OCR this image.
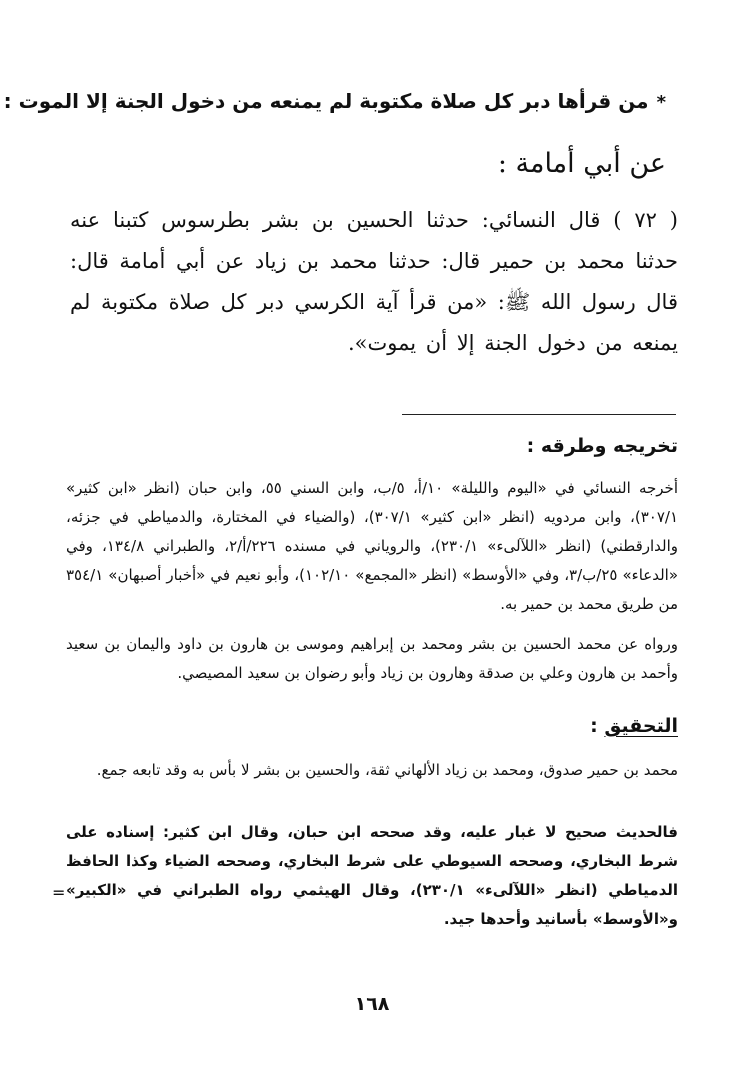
*من قرأها دبر كل صلاة مكتوبة لم يمنعه من دخول الجنة إلا الموت :
عن أبي أمامة :
( ٧٢ ) قال النسائي: حدثنا الحسين بن بشر بطرسوس كتبنا عنه حدثنا محمد بن حمير قال: حدثنا محمد بن زياد عن أبي أمامة قال: قال رسول الله ﷺ: «من قرأ آية الكرسي دبر كل صلاة مكتوبة لم يمنعه من دخول الجنة إلا أن يموت».
تخريجه وطرقه :
أخرجه النسائي في «اليوم والليلة» ١٠/أ، ٥/ب، وابن السني ٥٥، وابن حبان (انظر «ابن كثير» ٣٠٧/١)، وابن مردويه (انظر «ابن كثير» ٣٠٧/١)، (والضياء في المختارة، والدمياطي في جزئه، والدارقطني) (انظر «اللآلىء» ٢٣٠/١)، والروياني في مسنده ٢٢٦/أ/٢، والطبراني ١٣٤/٨، وفي «الدعاء» ٢٥/ب/٣، وفي «الأوسط» (انظر «المجمع» ١٠٢/١٠)، وأبو نعيم في «أخبار أصبهان» ٣٥٤/١ من طريق محمد بن حمير به.
ورواه عن محمد الحسين بن بشر ومحمد بن إبراهيم وموسى بن هارون بن داود واليمان بن سعيد وأحمد بن هارون وعلي بن صدقة وهارون بن زياد وأبو رضوان بن سعيد المصيصي.
التحقيق :
محمد بن حمير صدوق، ومحمد بن زياد الألهاني ثقة، والحسين بن بشر لا بأس به وقد تابعه جمع.
فالحديث صحيح لا غبار عليه، وقد صححه ابن حبان، وقال ابن كثير: إسناده على شرط البخاري، وصححه السيوطي على شرط البخاري، وصححه الضياء وكذا الحافظ الدمياطي (انظر «اللآلىء» ٢٣٠/١)، وقال الهيثمي رواه الطبراني في «الكبير» و«الأوسط» بأسانيد وأحدها جيد.
=
١٦٨
